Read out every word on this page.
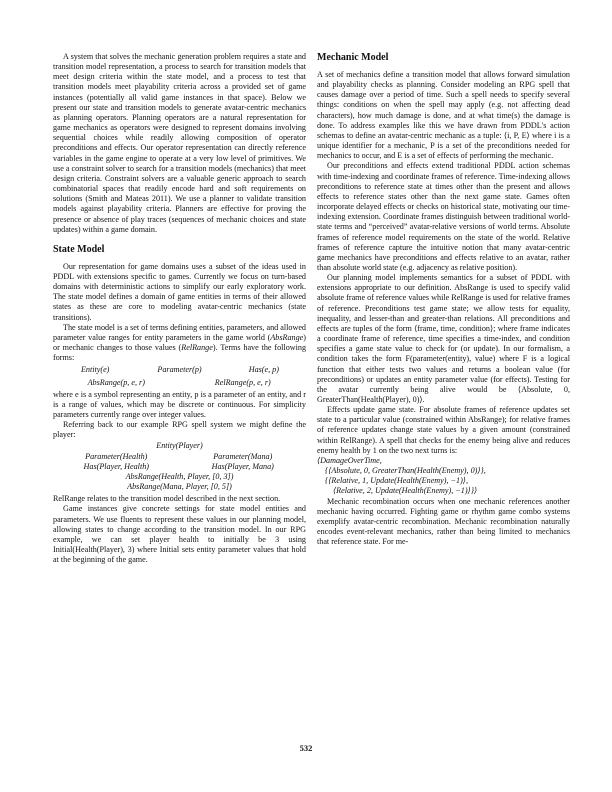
A system that solves the mechanic generation problem requires a state and transition model representation, a process to search for transition models that meet design criteria within the state model, and a process to test that transition models meet playability criteria across a provided set of game instances (potentially all valid game instances in that space). Below we present our state and transition models to generate avatar-centric mechanics as planning operators. Planning operators are a natural representation for game mechanics as operators were designed to represent domains involving sequential choices while readily allowing composition of operator preconditions and effects. Our operator representation can directly reference variables in the game engine to operate at a very low level of primitives. We use a constraint solver to search for a transition models (mechanics) that meet design criteria. Constraint solvers are a valuable generic approach to search combinatorial spaces that readily encode hard and soft requirements on solutions (Smith and Mateas 2011). We use a planner to validate transition models against playability criteria. Planners are effective for proving the presence or absence of play traces (sequences of mechanic choices and state updates) within a game domain.

State Model

Our representation for game domains uses a subset of the ideas used in PDDL with extensions specific to games. Currently we focus on turn-based domains with deterministic actions to simplify our early exploratory work. The state model defines a domain of game entities in terms of their allowed states as these are core to modeling avatar-centric mechanics (state transitions).

The state model is a set of terms defining entities, parameters, and allowed parameter value ranges for entity parameters in the game world (AbsRange) or mechanic changes to those values (RelRange). Terms have the following forms:

Entity(e)	Parameter(p)	Has(e, p)
AbsRange(p, e, r)	RelRange(p, e, r)

where e is a symbol representing an entity, p is a parameter of an entity, and r is a range of values, which may be discrete or continuous. For simplicity parameters currently range over integer values.

Referring back to our example RPG spell system we might define the player:

Entity(Player)
Parameter(Health)	Parameter(Mana)
Has(Player, Health)	Has(Player, Mana)
AbsRange(Health, Player, [0, 3])
AbsRange(Mana, Player, [0, 5])

RelRange relates to the transition model described in the next section.

Game instances give concrete settings for state model entities and parameters. We use fluents to represent these values in our planning model, allowing states to change according to the transition model. In our RPG example, we can set player health to initially be 3 using Initial(Health(Player), 3) where Initial sets entity parameter values that hold at the beginning of the game.

Mechanic Model

A set of mechanics define a transition model that allows forward simulation and playability checks as planning. Consider modeling an RPG spell that causes damage over a period of time. Such a spell needs to specify several things: conditions on when the spell may apply (e.g. not affecting dead characters), how much damage is done, and at what time(s) the damage is done. To address examples like this we have drawn from PDDL's action schemas to define an avatar-centric mechanic as a tuple: ⟨i, P, E⟩ where i is a unique identifier for a mechanic, P is a set of the preconditions needed for mechanics to occur, and E is a set of effects of performing the mechanic.

Our preconditions and effects extend traditional PDDL action schemas with time-indexing and coordinate frames of reference. Time-indexing allows preconditions to reference state at times other than the present and allows effects to reference states other than the next game state. Games often incorporate delayed effects or checks on historical state, motivating our time-indexing extension. Coordinate frames distinguish between traditional world-state terms and “perceived” avatar-relative versions of world terms. Absolute frames of reference model requirements on the state of the world. Relative frames of reference capture the intuitive notion that many avatar-centric game mechanics have preconditions and effects relative to an avatar, rather than absolute world state (e.g. adjacency as relative position).

Our planning model implements semantics for a subset of PDDL with extensions appropriate to our definition. AbsRange is used to specify valid absolute frame of reference values while RelRange is used for relative frames of reference. Preconditions test game state; we allow tests for equality, inequality, and lesser-than and greater-than relations. All preconditions and effects are tuples of the form ⟨frame, time, condition⟩; where frame indicates a coordinate frame of reference, time specifies a time-index, and condition specifies a game state value to check for (or update). In our formalism, a condition takes the form F(parameter(entity), value) where F is a logical function that either tests two values and returns a boolean value (for preconditions) or updates an entity parameter value (for effects). Testing for the avatar currently being alive would be ⟨Absolute, 0, GreaterThan(Health(Player), 0)⟩.

Effects update game state. For absolute frames of reference updates set state to a particular value (constrained within AbsRange); for relative frames of reference updates change state values by a given amount (constrained within RelRange). A spell that checks for the enemy being alive and reduces enemy health by 1 on the two next turns is:

⟨DamageOverTime,
{⟨Absolute, 0, GreaterThan(Health(Enemy), 0)⟩},
{⟨Relative, 1, Update(Health(Enemy), −1)⟩,
⟨Relative, 2, Update(Health(Enemy), −1)⟩}⟩

Mechanic recombination occurs when one mechanic references another mechanic having occurred. Fighting game or rhythm game combo systems exemplify avatar-centric recombination. Mechanic recombination naturally encodes event-relevant mechanics, rather than being limited to mechanics that reference state. For me-

532
